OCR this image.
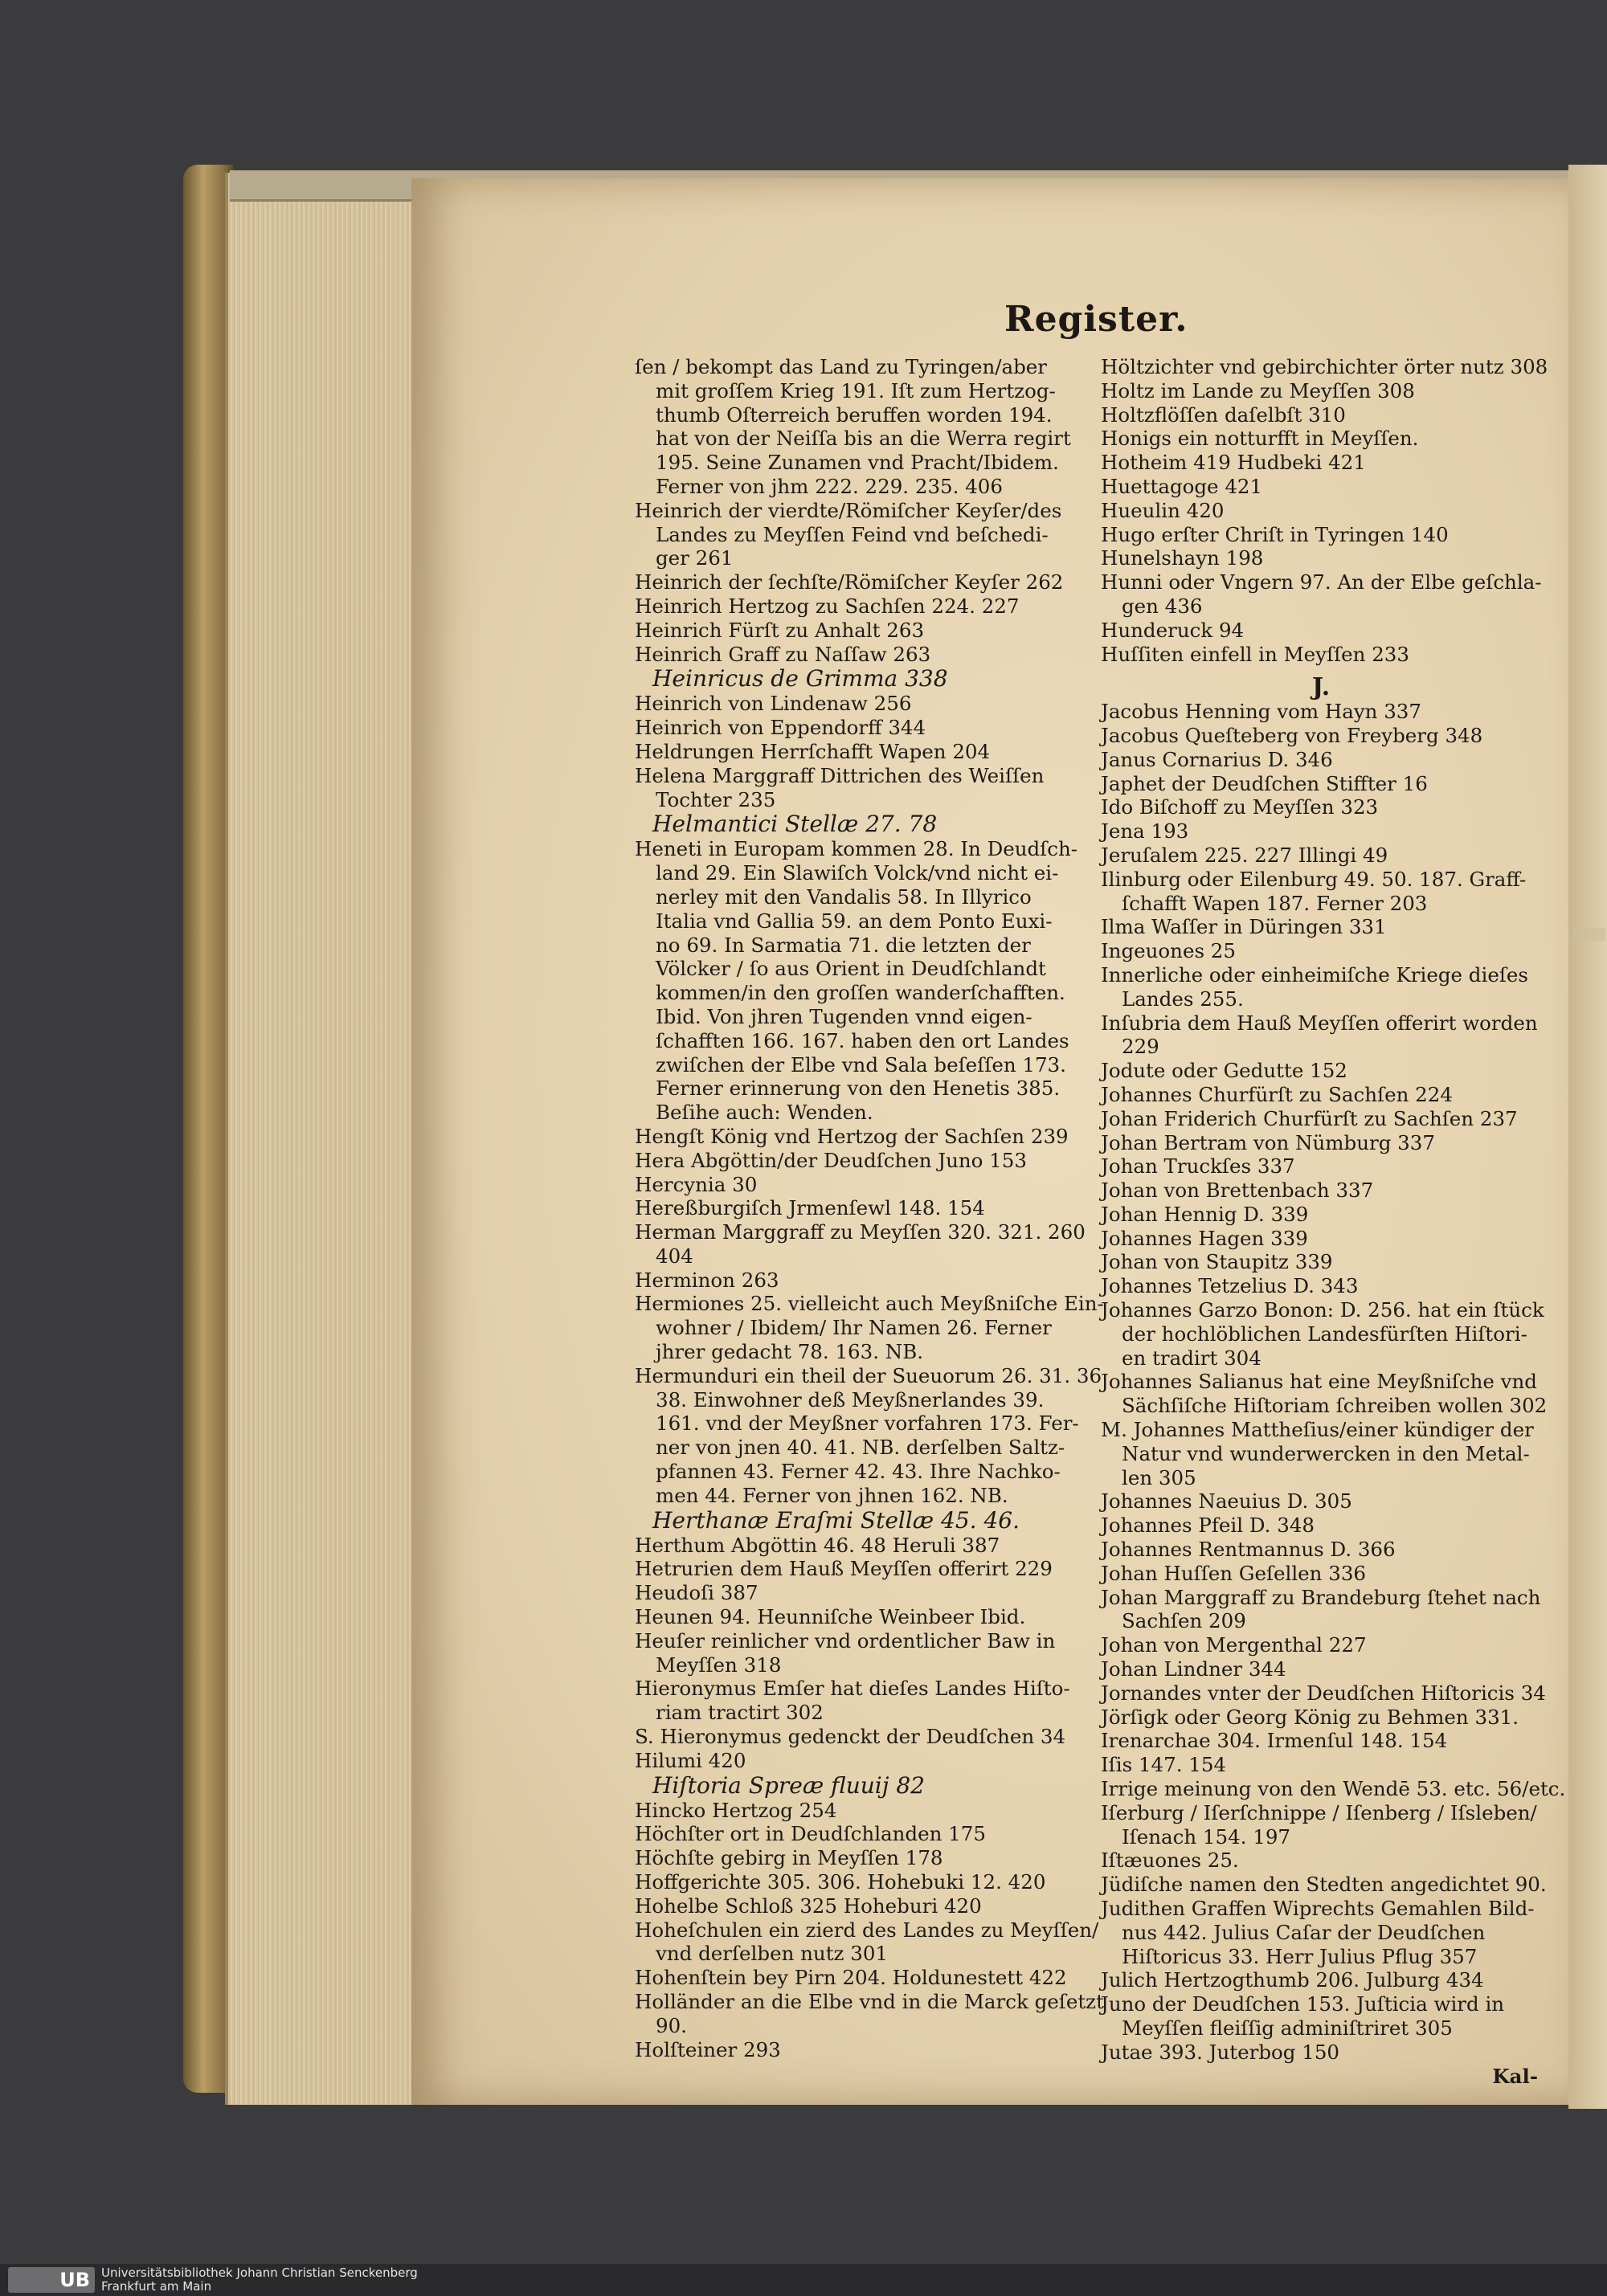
Register.

ſen / bekompt das Land zu Tyringen/aber

mit groſſem Krieg 191. Iſt zum Hertzog-

thumb Oſterreich beruffen worden 194.

hat von der Neiſſa bis an die Werra regirt

195. Seine Zunamen vnd Pracht/Ibidem.

Ferner von jhm 222. 229. 235. 406

Heinrich der vierdte/Römiſcher Keyſer/des

Landes zu Meyſſen Feind vnd beſchedi-

ger 261

Heinrich der ſechſte/Römiſcher Keyſer 262

Heinrich Hertzog zu Sachſen 224. 227

Heinrich Fürſt zu Anhalt 263

Heinrich Graff zu Naſſaw 263

Heinricus de Grimma 338

Heinrich von Lindenaw 256

Heinrich von Eppendorff 344

Heldrungen Herrſchafft Wapen 204

Helena Marggraff Dittrichen des Weiſſen

Tochter 235

Helmantici Stellæ 27. 78

Heneti in Europam kommen 28. In Deudſch-

land 29. Ein Slawiſch Volck/vnd nicht ei-

nerley mit den Vandalis 58. In Illyrico

Italia vnd Gallia 59. an dem Ponto Euxi-

no 69. In Sarmatia 71. die letzten der

Völcker / ſo aus Orient in Deudſchlandt

kommen/in den groſſen wanderſchafften.

Ibid. Von jhren Tugenden vnnd eigen-

ſchafften 166. 167. haben den ort Landes

zwiſchen der Elbe vnd Sala beſeſſen 173.

Ferner erinnerung von den Henetis 385.

Beſihe auch: Wenden.

Hengſt König vnd Hertzog der Sachſen 239

Hera Abgöttin/der Deudſchen Juno 153

Hercynia 30

Hereßburgiſch Jrmenſewl 148. 154

Herman Marggraff zu Meyſſen 320. 321. 260

404

Herminon 263

Hermiones 25. vielleicht auch Meyßniſche Ein-

wohner / Ibidem/ Ihr Namen 26. Ferner

jhrer gedacht 78. 163. NB.

Hermunduri ein theil der Sueuorum 26. 31. 36

38. Einwohner deß Meyßnerlandes 39.

161. vnd der Meyßner vorfahren 173. Fer-

ner von jnen 40. 41. NB. derſelben Saltz-

pfannen 43. Ferner 42. 43. Ihre Nachko-

men 44. Ferner von jhnen 162. NB.

Herthanæ Eraſmi Stellæ 45. 46.

Herthum Abgöttin 46. 48 Heruli 387

Hetrurien dem Hauß Meyſſen offerirt 229

Heudoſi 387

Heunen 94. Heunniſche Weinbeer Ibid.

Heuſer reinlicher vnd ordentlicher Baw in

Meyſſen 318

Hieronymus Emſer hat dieſes Landes Hiſto-

riam tractirt 302

S. Hieronymus gedenckt der Deudſchen 34

Hilumi 420

Hiſtoria Spreæ fluuij 82

Hincko Hertzog 254

Höchſter ort in Deudſchlanden 175

Höchſte gebirg in Meyſſen 178

Hoffgerichte 305. 306. Hohebuki 12. 420

Hohelbe Schloß 325 Hoheburi 420

Hoheſchulen ein zierd des Landes zu Meyſſen/

vnd derſelben nutz 301

Hohenſtein bey Pirn 204. Holdunestett 422

Holländer an die Elbe vnd in die Marck geſetzt

90.

Holſteiner 293

Höltzichter vnd gebirchichter örter nutz 308

Holtz im Lande zu Meyſſen 308

Holtzflöſſen daſelbſt 310

Honigs ein notturfft in Meyſſen.

Hotheim 419 Hudbeki 421

Huettagoge 421

Hueulin 420

Hugo erſter Chriſt in Tyringen 140

Hunelshayn 198

Hunni oder Vngern 97. An der Elbe geſchla-

gen 436

Hunderuck 94

Huſſiten einfell in Meyſſen 233

J.

Jacobus Henning vom Hayn 337

Jacobus Queſteberg von Freyberg 348

Janus Cornarius D. 346

Japhet der Deudſchen Stiffter 16

Ido Biſchoff zu Meyſſen 323

Jena 193

Jeruſalem 225. 227 Illingi 49

Ilinburg oder Eilenburg 49. 50. 187. Graff-

ſchafft Wapen 187. Ferner 203

Ilma Waſſer in Düringen 331

Ingeuones 25

Innerliche oder einheimiſche Kriege dieſes

Landes 255.

Inſubria dem Hauß Meyſſen offerirt worden

229

Jodute oder Gedutte 152

Johannes Churfürſt zu Sachſen 224

Johan Friderich Churfürſt zu Sachſen 237

Johan Bertram von Nümburg 337

Johan Truckſes 337

Johan von Brettenbach 337

Johan Hennig D. 339

Johannes Hagen 339

Johan von Staupitz 339

Johannes Tetzelius D. 343

Johannes Garzo Bonon: D. 256. hat ein ſtück

der hochlöblichen Landesfürſten Hiſtori-

en tradirt 304

Johannes Salianus hat eine Meyßniſche vnd

Sächſiſche Hiſtoriam ſchreiben wollen 302

M. Johannes Mattheſius/einer kündiger der

Natur vnd wunderwercken in den Metal-

len 305

Johannes Naeuius D. 305

Johannes Pfeil D. 348

Johannes Rentmannus D. 366

Johan Huſſen Geſellen 336

Johan Marggraff zu Brandeburg ſtehet nach

Sachſen 209

Johan von Mergenthal 227

Johan Lindner 344

Jornandes vnter der Deudſchen Hiſtoricis 34

Jörſigk oder Georg König zu Behmen 331.

Irenarchae 304. Irmenſul 148. 154

Iſis 147. 154

Irrige meinung von den Wendē 53. etc. 56/etc.

Iſerburg / Iſerſchnippe / Iſenberg / Iſsleben/

Iſenach 154. 197

Iſtæuones 25.

Jüdiſche namen den Stedten angedichtet 90.

Judithen Graffen Wiprechts Gemahlen Bild-

nus 442. Julius Caſar der Deudſchen

Hiſtoricus 33. Herr Julius Pflug 357

Julich Hertzogthumb 206. Julburg 434

Juno der Deudſchen 153. Juſticia wird in

Meyſſen fleiſſig adminiſtriret 305

Jutae 393. Juterbog 150

Kal-

UB Universitätsbibliothek Johann Christian Senckenberg
Frankfurt am Main
